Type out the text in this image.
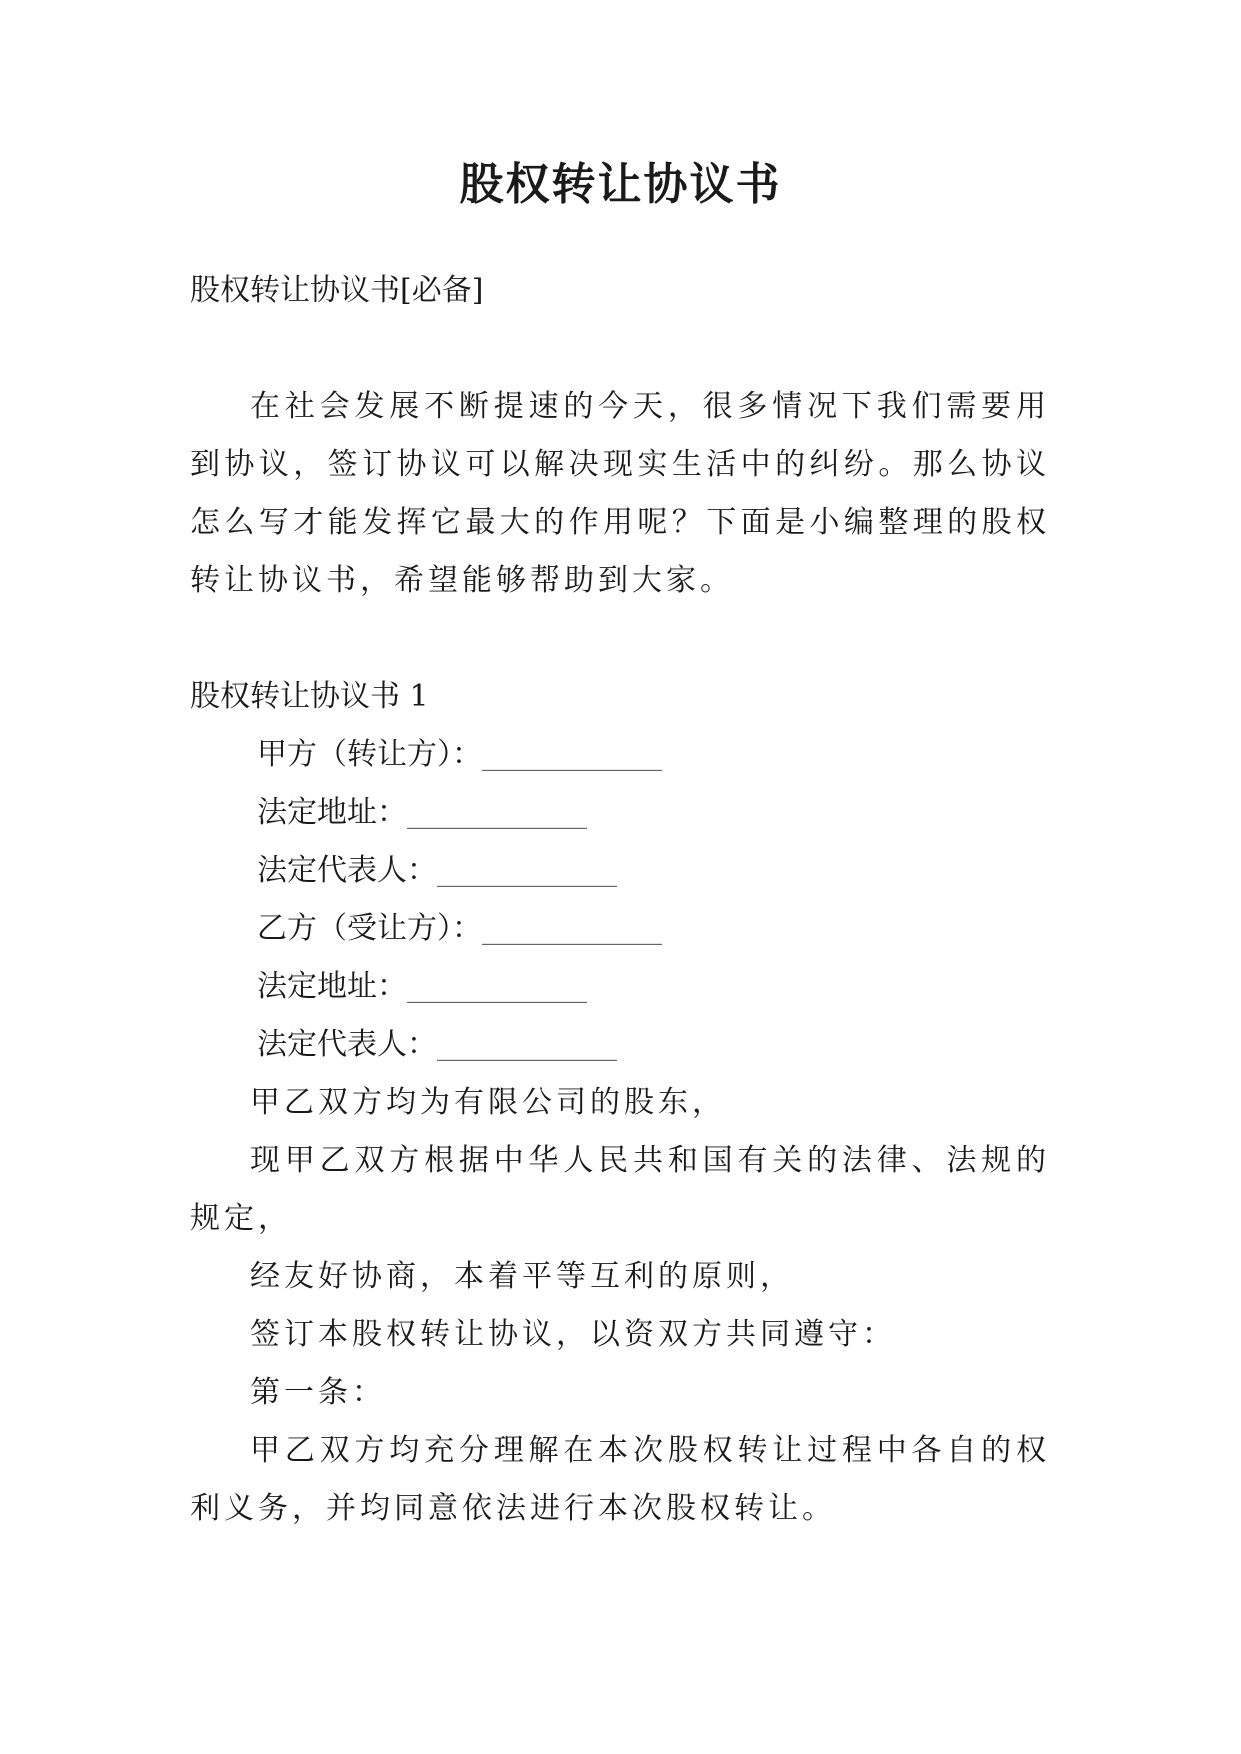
股权转让协议书

股权转让协议书[必备]

在社会发展不断提速的今天，很多情况下我们需要用到协议，签订协议可以解决现实生活中的纠纷。那么协议怎么写才能发挥它最大的作用呢？下面是小编整理的股权转让协议书，希望能够帮助到大家。

股权转让协议书 1

甲方（转让方）：____________

法定地址：____________

法定代表人：____________

乙方（受让方）：____________

法定地址：____________

法定代表人：____________

甲乙双方均为有限公司的股东，

现甲乙双方根据中华人民共和国有关的法律、法规的规定，

经友好协商，本着平等互利的原则，

签订本股权转让协议，以资双方共同遵守：

第一条：

甲乙双方均充分理解在本次股权转让过程中各自的权利义务，并均同意依法进行本次股权转让。
